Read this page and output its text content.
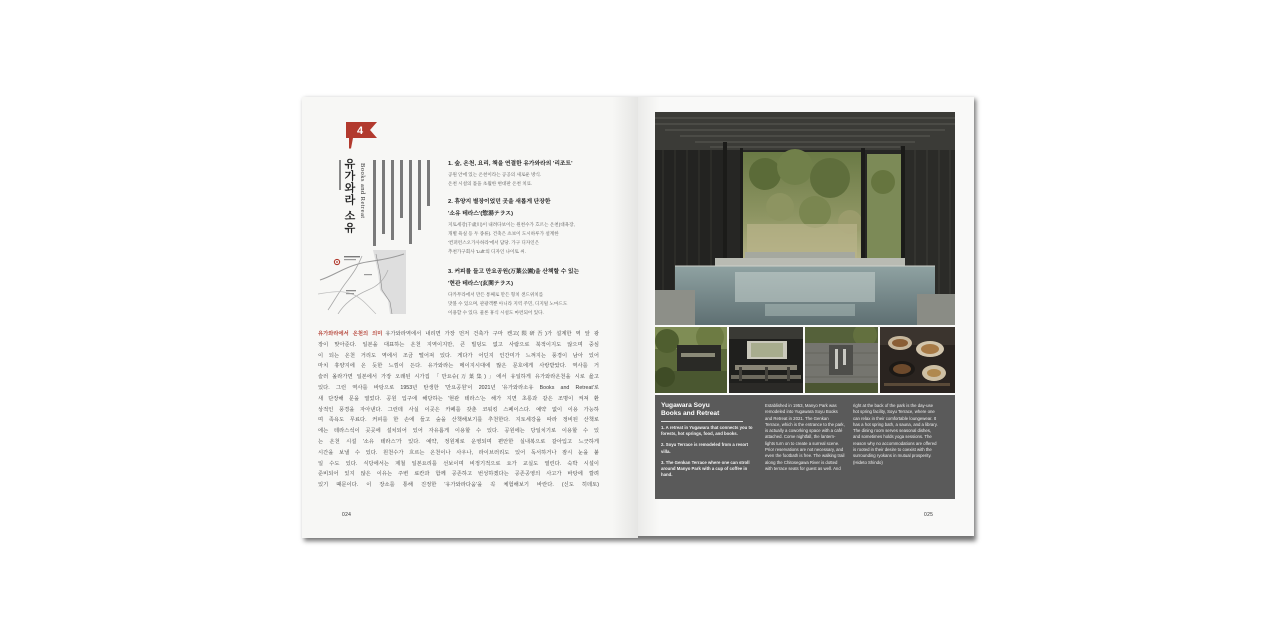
4
유가와라 소유 Books and Retreat	1. 숲, 온천, 요리, 책을 연결한 유가와라의 '리조트'
공원 안에 있는 온천이라는 공공의 새로운 방식.
온천 시설의 틀을 초월한 현대판 온천 치료.
2. 휴양지 별장이었던 곳을 새롭게 단장한
'소유 테라스'(惣湯テラス)
지토세강(千歳川)이 내려다보이는 원천수가 흐르는 온천(대욕장,
개별 욕실 등 두 종류). 건축은 츠보이 도시하루가 설계한
'컨퍼런스오가사하라'에서 담당. 가구 디자인은
추천가구회사 'Luft'의 디자인 나이토 씨.
3. 커피를 들고 만요공원(万葉公園)을 산책할 수 있는
'현관 테라스'(玄関テラス)
다카무라에서 만든 통째로 만든 형치 샌드위치를
맛볼 수 있으며, 관광객뿐 아니라 지역 주민, 디지털 노마드도
이용할 수 있다. 물론 휴식 시설도 마련되어 있다.
유가와라에서 온천의 의미 유가와라역에서 내리면 가장 먼저 건축가 구마 켄고(隈研吾)가 설계한 역 앞 광
장이 맞아준다. 일본을 대표하는 온천 지역이지만, 큰 빌딩도 없고 사람으로 북적이지도 않으며 중심
이 되는 온천 거리도 역에서 조금 떨어져 있다. 게다가 어딘지 인간미가 느껴지는 풍경이 남아 있어
마치 휴양지에 온 듯한 느낌이 든다. 유가와라는 메이지시대에 많은 문호에게 사랑받았다. 역사를 거
슬러 올라가면 일본에서 가장 오래된 시가집 「만요슈(万葉集)」에서 유일하게 유가와라온천을 시로 읊고
있다. 그런 역사를 바탕으로 1953년 탄생한 '만요공원'이 2021년 '유가와라소유 Books and Retreat'로
새 단장해 문을 열었다. 공원 입구에 해당하는 '현관 테라스'는 해가 지면 초롱과 같은 조명이 켜져 환
상적인 풍경을 자아낸다. 그런데 사실 이곳은 카페를 갖춘 코워킹 스페이스다. 예약 없이 이용 가능하
며 족욕도 무료다. 커피를 한 손에 들고 숲을 산책해보기를 추천한다. 지토세강을 따라 정비된 산책로
에는 테라스석이 곳곳에 설치되어 있어 자유롭게 이용할 수 있다. 공원에는 당일치기로 이용할 수 있
는 온천 시설 '소유 테라스'가 있다. 예약, 정원제로 운영되며 편안한 실내복으로 갈아입고 느긋하게
시간을 보낼 수 있다. 원천수가 흐르는 온천이나 사우나, 라이브러리도 있어 독서하거나 잠시 눈을 붙
일 수도 있다. 식당에서는 제철 일본요리를 선보이며 비정기적으로 요가 교실도 열린다. 숙박 시설이
준비되어 있지 않은 이유는 주변 료칸과 함께 공존하고 번성하겠다는 공존공영의 사고가 바탕에 깔려
있기 때문이다. 이 장소를 통해 진정한 '유가와라다움'을 꼭 체험해보기 바란다. (신도 히데토)
024
Yugawara Soyu
Books and Retreat
1. A retreat in Yugawara that connects you to forests, hot springs, food, and books.
2. Soyu Terrace is remodeled from a resort villa.
3. The Genkan Terrace where one can stroll around Manyo Park with a cup of coffee in hand.
Established in 1953, Manyo Park was remodeled into Yugawara Soyu Books and Retreat in 2021. The Genkan Terrace, which is the entrance to the park, is actually a coworking space with a café attached. Come nightfall, the lantern-lights turn on to create a surreal scene. Prior reservations are not necessary, and even the footbath is free. The walking trail along the Chitosegawa River is dotted with terrace seats for guest as well. And
right at the back of the park is the day-use hot spring facility, Soyu Terrace, where one can relax in their comfortable loungewear. It has a hot spring bath, a sauna, and a library. The dining room serves seasonal dishes, and sometimes holds yoga sessions. The reason why no accommodations are offered is rooted in their desire to coexist with the surrounding ryokans in mutual prosperity. (Hideto Shindo)
025
